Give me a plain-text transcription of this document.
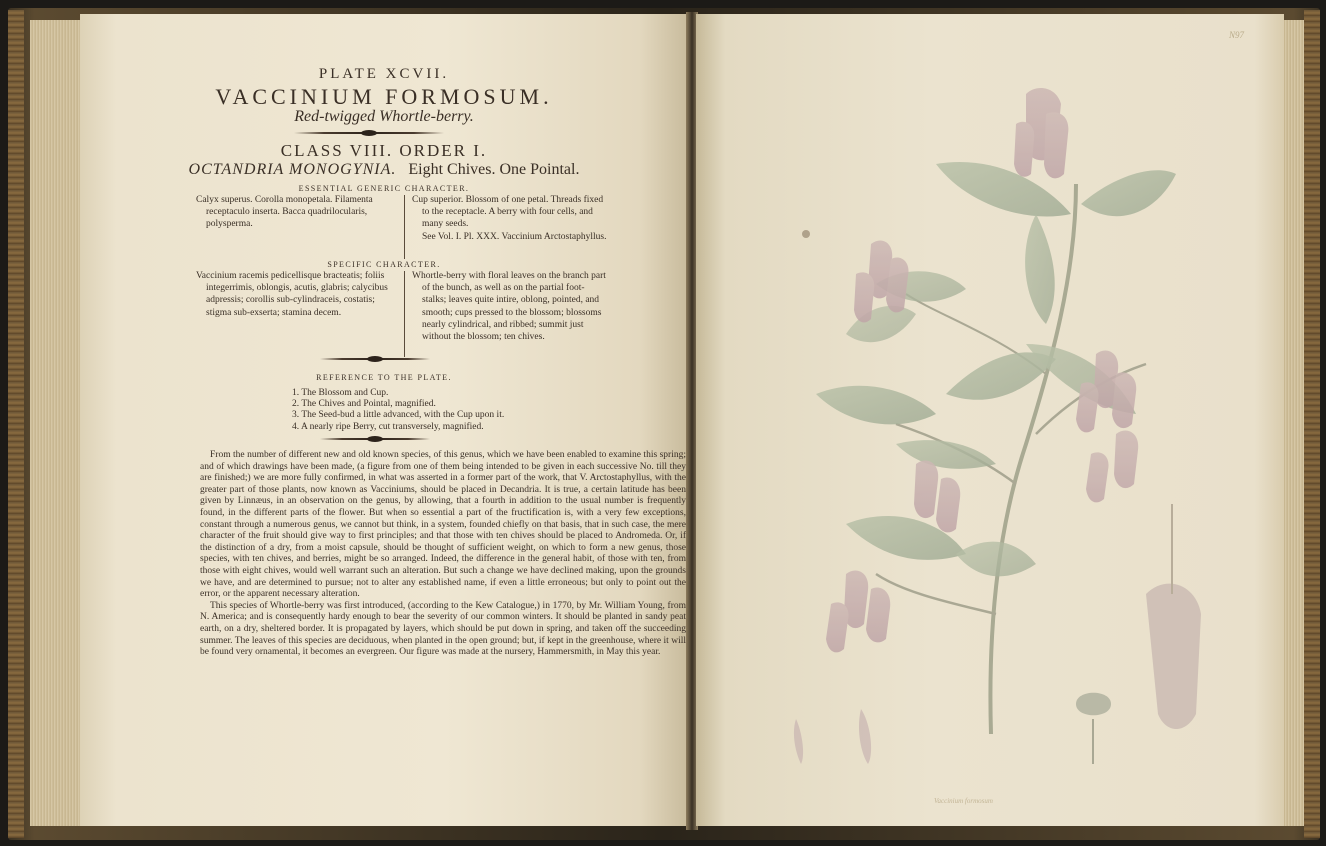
PLATE XCVII.
VACCINIUM FORMOSUM.
Red-twigged Whortle-berry.
CLASS VIII. ORDER I.
OCTANDRIA MONOGYNIA. Eight Chives. One Pointal.
ESSENTIAL GENERIC CHARACTER.

Calyx superus. Corolla monopetala. Filamenta receptaculo inserta. Bacca quadrilocularis, polysperma.

Cup superior. Blossom of one petal. Threads fixed to the receptacle. A berry with four cells, and many seeds.

See Vol. I. Pl. XXX. Vaccinium Arctostaphyllus.

SPECIFIC CHARACTER.

Vaccinium racemis pedicellisque bracteatis; foliis integerrimis, oblongis, acutis, glabris; calycibus adpressis; corollis sub-cylindraceis, costatis; stigma sub-exserta; stamina decem.

Whortle-berry with floral leaves on the branch part of the bunch, as well as on the partial foot-stalks; leaves quite intire, oblong, pointed, and smooth; cups pressed to the blossom; blossoms nearly cylindrical, and ribbed; summit just without the blossom; ten chives.

REFERENCE TO THE PLATE.
1. The Blossom and Cup.
2. The Chives and Pointal, magnified.
3. The Seed-bud a little advanced, with the Cup upon it.
4. A nearly ripe Berry, cut transversely, magnified.

From the number of different new and old known species, of this genus, which we have been enabled to examine this spring; and of which drawings have been made, (a figure from one of them being intended to be given in each successive No. till they are finished;) we are more fully confirmed, in what was asserted in a former part of the work, that V. Arctostaphyllus, with the greater part of those plants, now known as Vacciniums, should be placed in Decandria. It is true, a certain latitude has been given by Linnæus, in an observation on the genus, by allowing, that a fourth in addition to the usual number is frequently found, in the different parts of the flower. But when so essential a part of the fructification is, with a very few exceptions, constant through a numerous genus, we cannot but think, in a system, founded chiefly on that basis, that in such case, the mere character of the fruit should give way to first principles; and that those with ten chives should be placed to Andromeda. Or, if the distinction of a dry, from a moist capsule, should be thought of sufficient weight, on which to form a new genus, those species, with ten chives, and berries, might be so arranged. Indeed, the difference in the general habit, of those with ten, from those with eight chives, would well warrant such an alteration. But such a change we have declined making, upon the grounds we have, and are determined to pursue; not to alter any established name, if even a little erroneous; but only to point out the error, or the apparent necessary alteration.

This species of Whortle-berry was first introduced, (according to the Kew Catalogue,) in 1770, by Mr. William Young, from N. America; and is consequently hardy enough to bear the severity of our common winters. It should be planted in sandy peat earth, on a dry, sheltered border. It is propagated by layers, which should be put down in spring, and taken off the succeeding summer. The leaves of this species are deciduous, when planted in the open ground; but, if kept in the greenhouse, where it will be found very ornamental, it becomes an evergreen. Our figure was made at the nursery, Hammersmith, in May this year.

N97
Vaccinium formosum
